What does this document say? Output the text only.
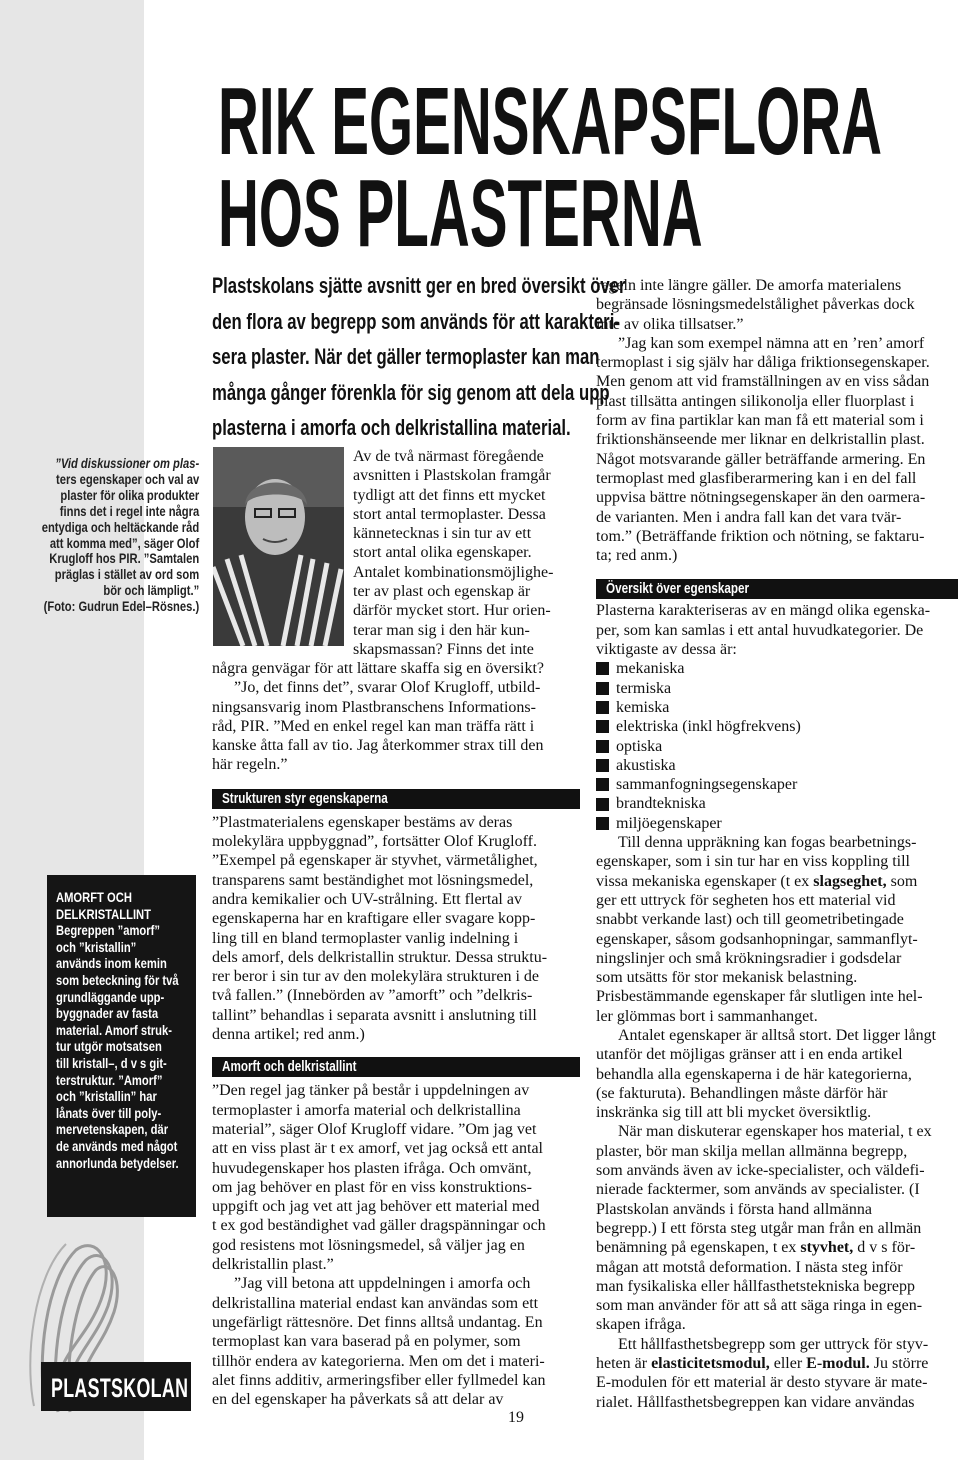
”Vid diskussioner om plas-

ters egenskaper och val av

plaster för olika produkter

finns det i regel inte några

entydiga och heltäckande råd

att komma med”, säger Olof

Krugloff hos PIR. ”Samtalen

präglas i stället av ord som

bör och lämpligt.”

(Foto: Gudrun Edel–Rösnes.)

AMORFT OCH

DELKRISTALLINT

Begreppen ”amorf”

och ”kristallin”

används inom kemin

som beteckning för två

grundläggande upp-

byggnader av fasta

material. Amorf struk-

tur utgör motsatsen

till kristall–, d v s git-

terstruktur. ”Amorf”

och ”kristallin” har

lånats över till poly-

mervetenskapen, där

de används med något

annorlunda betydelser.

PLASTSKOLAN 6
RIK EGENSKAPSFLORA
HOS PLASTERNA

Plastskolans sjätte avsnitt ger en bred översikt över

den flora av begrepp som används för att karakteri-

sera plaster. När det gäller termoplaster kan man

många gånger förenkla för sig genom att dela upp

plasterna i amorfa och delkristallina material.

Av de två närmast föregående

avsnitten i Plastskolan framgår

tydligt att det finns ett mycket

stort antal termoplaster. Dessa

kännetecknas i sin tur av ett

stort antal olika egenskaper.

Antalet kombinationsmöjlighe-

ter av plast och egenskap är

därför mycket stort. Hur orien-

terar man sig i den här kun-

skapsmassan? Finns det inte

några genvägar för att lättare skaffa sig en översikt?

”Jo, det finns det”, svarar Olof Krugloff, utbild-

ningsansvarig inom Plastbranschens Informations-

råd, PIR. ”Med en enkel regel kan man träffa rätt i

kanske åtta fall av tio. Jag återkommer strax till den

här regeln.”

Strukturen styr egenskaperna

”Plastmaterialens egenskaper bestäms av deras

molekylära uppbyggnad”, fortsätter Olof Krugloff.

”Exempel på egenskaper är styvhet, värmetålighet,

transparens samt beständighet mot lösningsmedel,

andra kemikalier och UV-strålning. Ett flertal av

egenskaperna har en kraftigare eller svagare kopp-

ling till en bland termoplaster vanlig indelning i

dels amorf, dels delkristallin struktur. Dessa struktu-

rer beror i sin tur av den molekylära strukturen i de

två fallen.” (Innebörden av ”amorft” och ”delkris-

tallint” behandlas i separata avsnitt i anslutning till

denna artikel; red anm.)

Amorft och delkristallint

”Den regel jag tänker på består i uppdelningen av

termoplaster i amorfa material och delkristallina

material”, säger Olof Krugloff vidare. ”Om jag vet

att en viss plast är t ex amorf, vet jag också ett antal

huvudegenskaper hos plasten ifråga. Och omvänt,

om jag behöver en plast för en viss konstruktions-

uppgift och jag vet att jag behöver ett material med

t ex god beständighet vad gäller dragspänningar och

god resistens mot lösningsmedel, så väljer jag en

delkristallin plast.”

”Jag vill betona att uppdelningen i amorfa och

delkristallina material endast kan användas som ett

ungefärligt rättesnöre. Det finns alltså undantag. En

termoplast kan vara baserad på en polymer, som

tillhör endera av kategorierna. Men om det i materi-

alet finns additiv, armeringsfiber eller fyllmedel kan

en del egenskaper ha påverkats så att delar av

regeln inte längre gäller. De amorfa materialens

begränsade lösningsmedelstålighet påverkas dock

inte av olika tillsatser.”

”Jag kan som exempel nämna att en ’ren’ amorf

termoplast i sig själv har dåliga friktionsegenskaper.

Men genom att vid framställningen av en viss sådan

plast tillsätta antingen silikonolja eller fluorplast i

form av fina partiklar kan man få ett material som i

friktionshänseende mer liknar en delkristallin plast.

Något motsvarande gäller beträffande armering. En

termoplast med glasfiberarmering kan i en del fall

uppvisa bättre nötningsegenskaper än den oarmera-

de varianten. Men i andra fall kan det vara tvär-

tom.” (Beträffande friktion och nötning, se faktaru-

ta; red anm.)

Översikt över egenskaper

Plasterna karakteriseras av en mängd olika egenska-

per, som kan samlas i ett antal huvudkategorier. De

viktigaste av dessa är:

mekaniska

termiska

kemiska

elektriska (inkl högfrekvens)

optiska

akustiska

sammanfogningsegenskaper

brandtekniska

miljöegenskaper

Till denna uppräkning kan fogas bearbetnings-

egenskaper, som i sin tur har en viss koppling till

vissa mekaniska egenskaper (t ex slagseghet, som

ger ett uttryck för segheten hos ett material vid

snabbt verkande last) och till geometribetingade

egenskaper, såsom godsanhopningar, sammanflyt-

ningslinjer och små krökningsradier i godsdelar

som utsätts för stor mekanisk belastning.

Prisbestämmande egenskaper får slutligen inte hel-

ler glömmas bort i sammanhanget.

Antalet egenskaper är alltså stort. Det ligger långt

utanför det möjligas gränser att i en enda artikel

behandla alla egenskaperna i de här kategorierna,

(se fakturuta). Behandlingen måste därför här

inskränka sig till att bli mycket översiktlig.

När man diskuterar egenskaper hos material, t ex

plaster, bör man skilja mellan allmänna begrepp,

som används även av icke-specialister, och väldefi-

nierade facktermer, som används av specialister. (I

Plastskolan används i första hand allmänna

begrepp.) I ett första steg utgår man från en allmän

benämning på egenskapen, t ex styvhet, d v s för-

mågan att motstå deformation. I nästa steg inför

man fysikaliska eller hållfasthetstekniska begrepp

som man använder för att så att säga ringa in egen-

skapen ifråga.

Ett hållfasthetsbegrepp som ger uttryck för styv-

heten är elasticitetsmodul, eller E-modul. Ju större

E-modulen för ett material är desto styvare är mate-

rialet. Hållfasthetsbegreppen kan vidare användas

19
